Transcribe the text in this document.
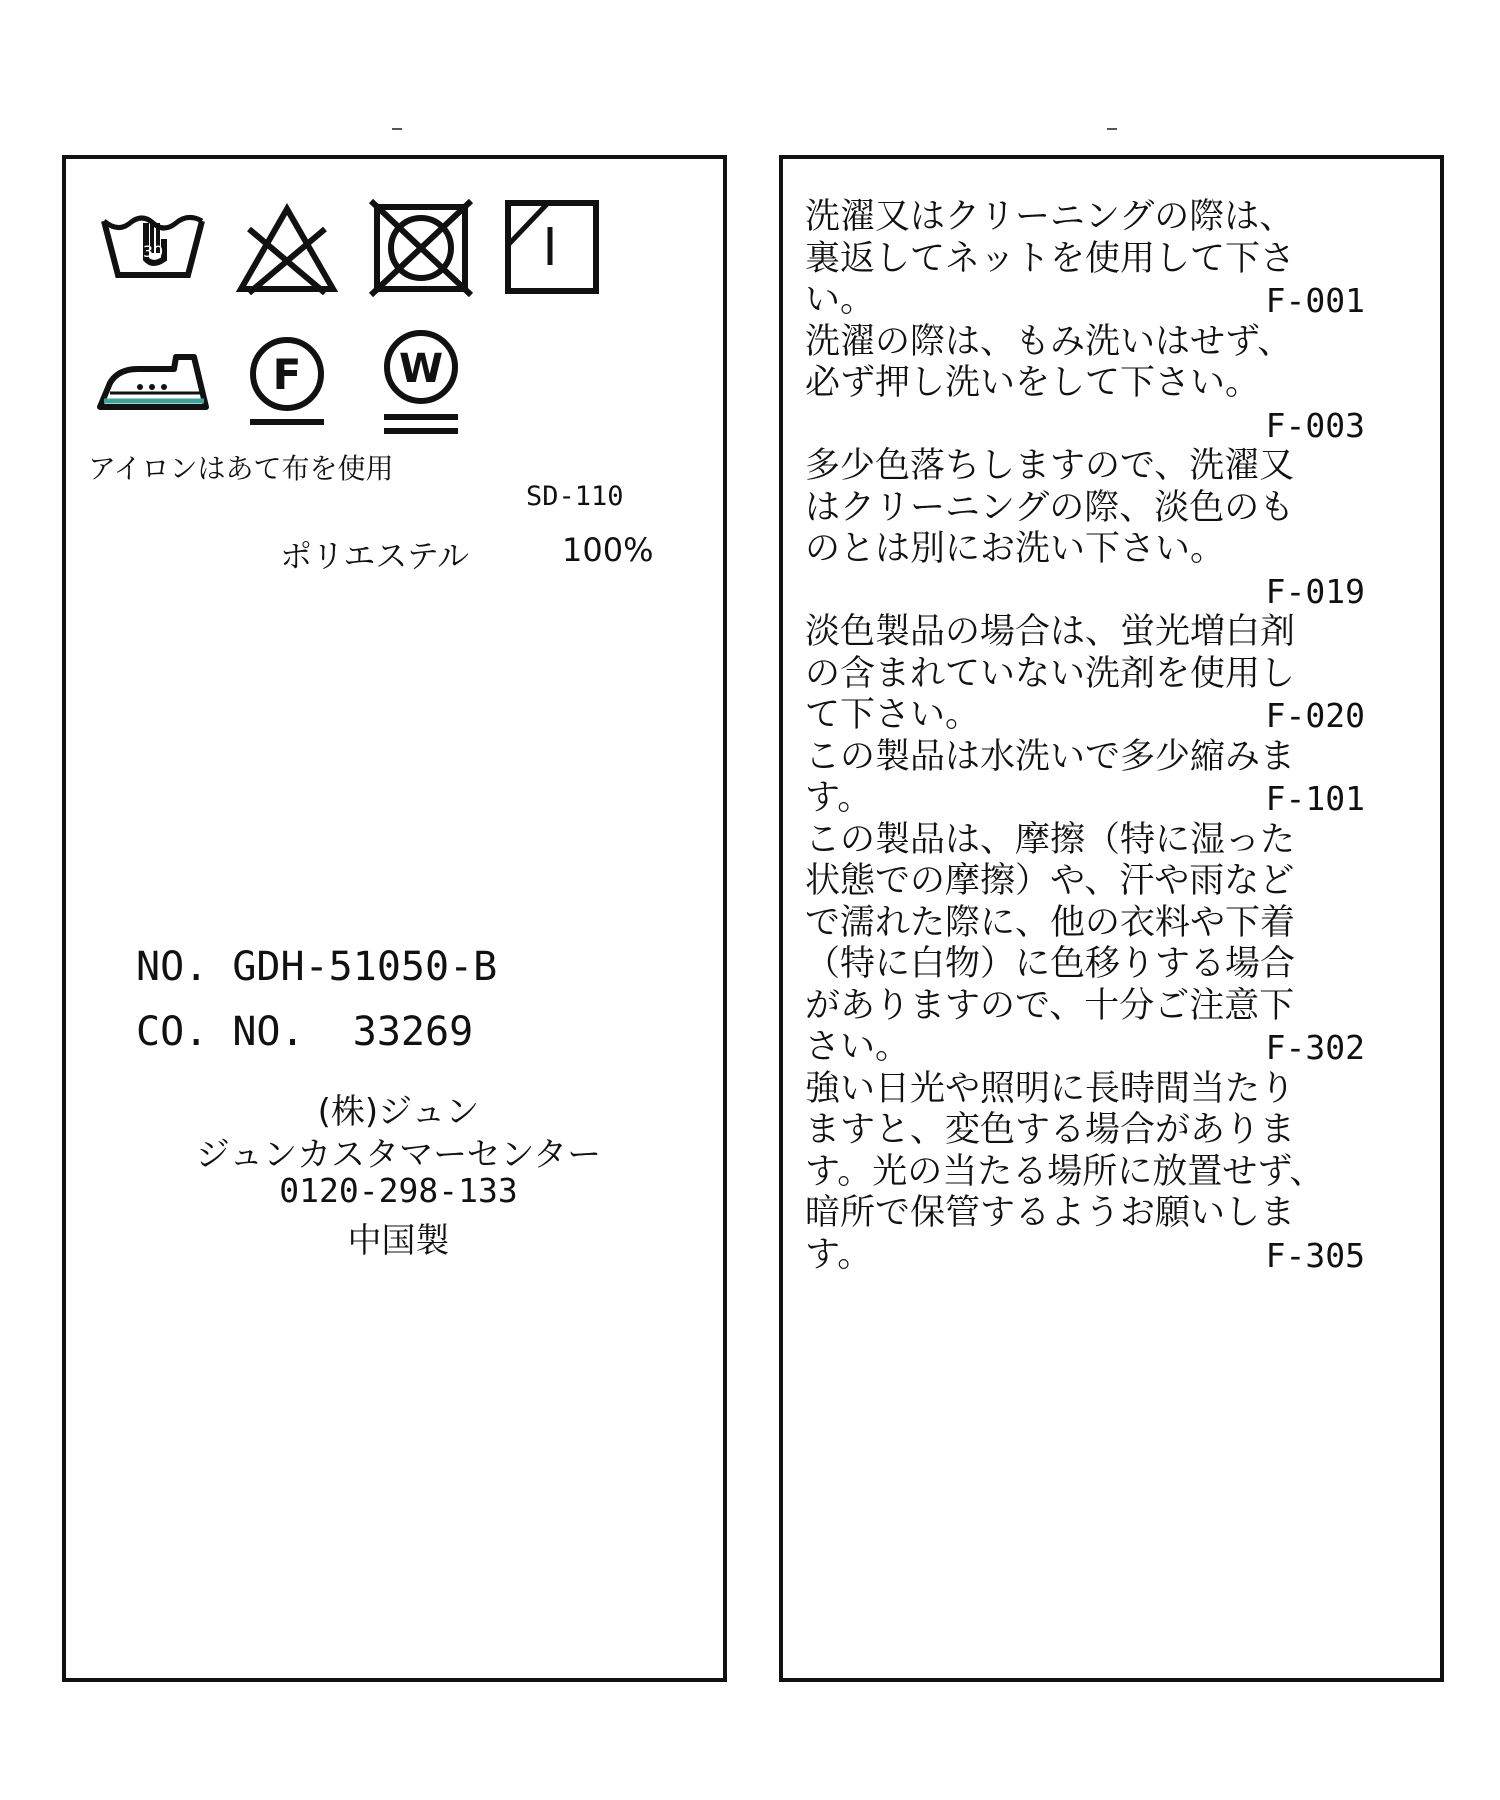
30
F W
アイロンはあて布を使用
SD-110
ポリエステル	100%
NO. GDH-51050-B
CO. NO.  33269
(株)ジュン
ジュンカスタマーセンター
0120-298-133
中国製
洗濯又はクリーニングの際は、
裏返してネットを使用して下さ
い。	F-001
洗濯の際は、もみ洗いはせず、
必ず押し洗いをして下さい。
F-003
多少色落ちしますので、洗濯又
はクリーニングの際、淡色のも
のとは別にお洗い下さい。
F-019
淡色製品の場合は、蛍光増白剤
の含まれていない洗剤を使用し
て下さい。	F-020
この製品は水洗いで多少縮みま
す。	F-101
この製品は、摩擦（特に湿った
状態での摩擦）や、汗や雨など
で濡れた際に、他の衣料や下着
（特に白物）に色移りする場合
がありますので、十分ご注意下
さい。	F-302
強い日光や照明に長時間当たり
ますと、変色する場合がありま
す。光の当たる場所に放置せず、
暗所で保管するようお願いしま
す。	F-305
